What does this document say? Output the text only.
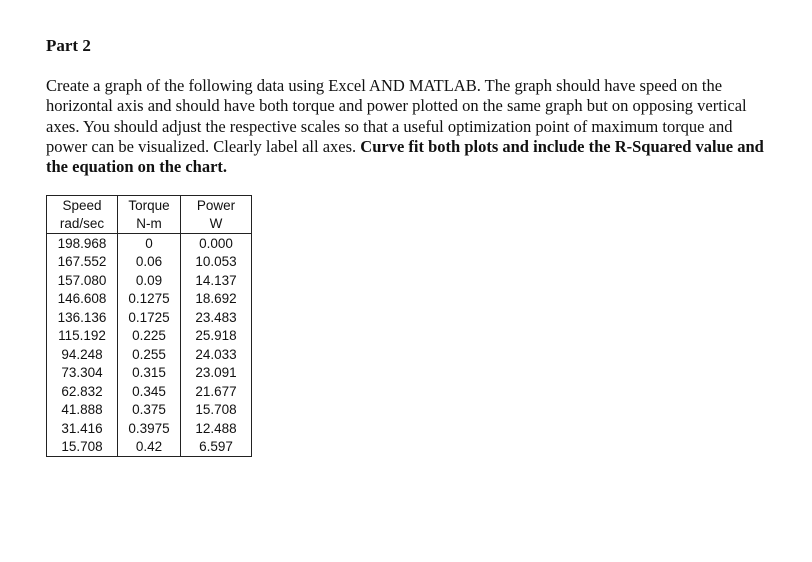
Part 2
Create a graph of the following data using Excel AND MATLAB. The graph should have speed on the horizontal axis and should have both torque and power plotted on the same graph but on opposing vertical axes. You should adjust the respective scales so that a useful optimization point of maximum torque and power can be visualized. Clearly label all axes. Curve fit both plots and include the R-Squared value and the equation on the chart.
Speed	Torque	Power
rad/sec	N-m	W
198.968	0	0.000
167.552	0.06	10.053
157.080	0.09	14.137
146.608	0.1275	18.692
136.136	0.1725	23.483
115.192	0.225	25.918
94.248	0.255	24.033
73.304	0.315	23.091
62.832	0.345	21.677
41.888	0.375	15.708
31.416	0.3975	12.488
15.708	0.42	6.597
